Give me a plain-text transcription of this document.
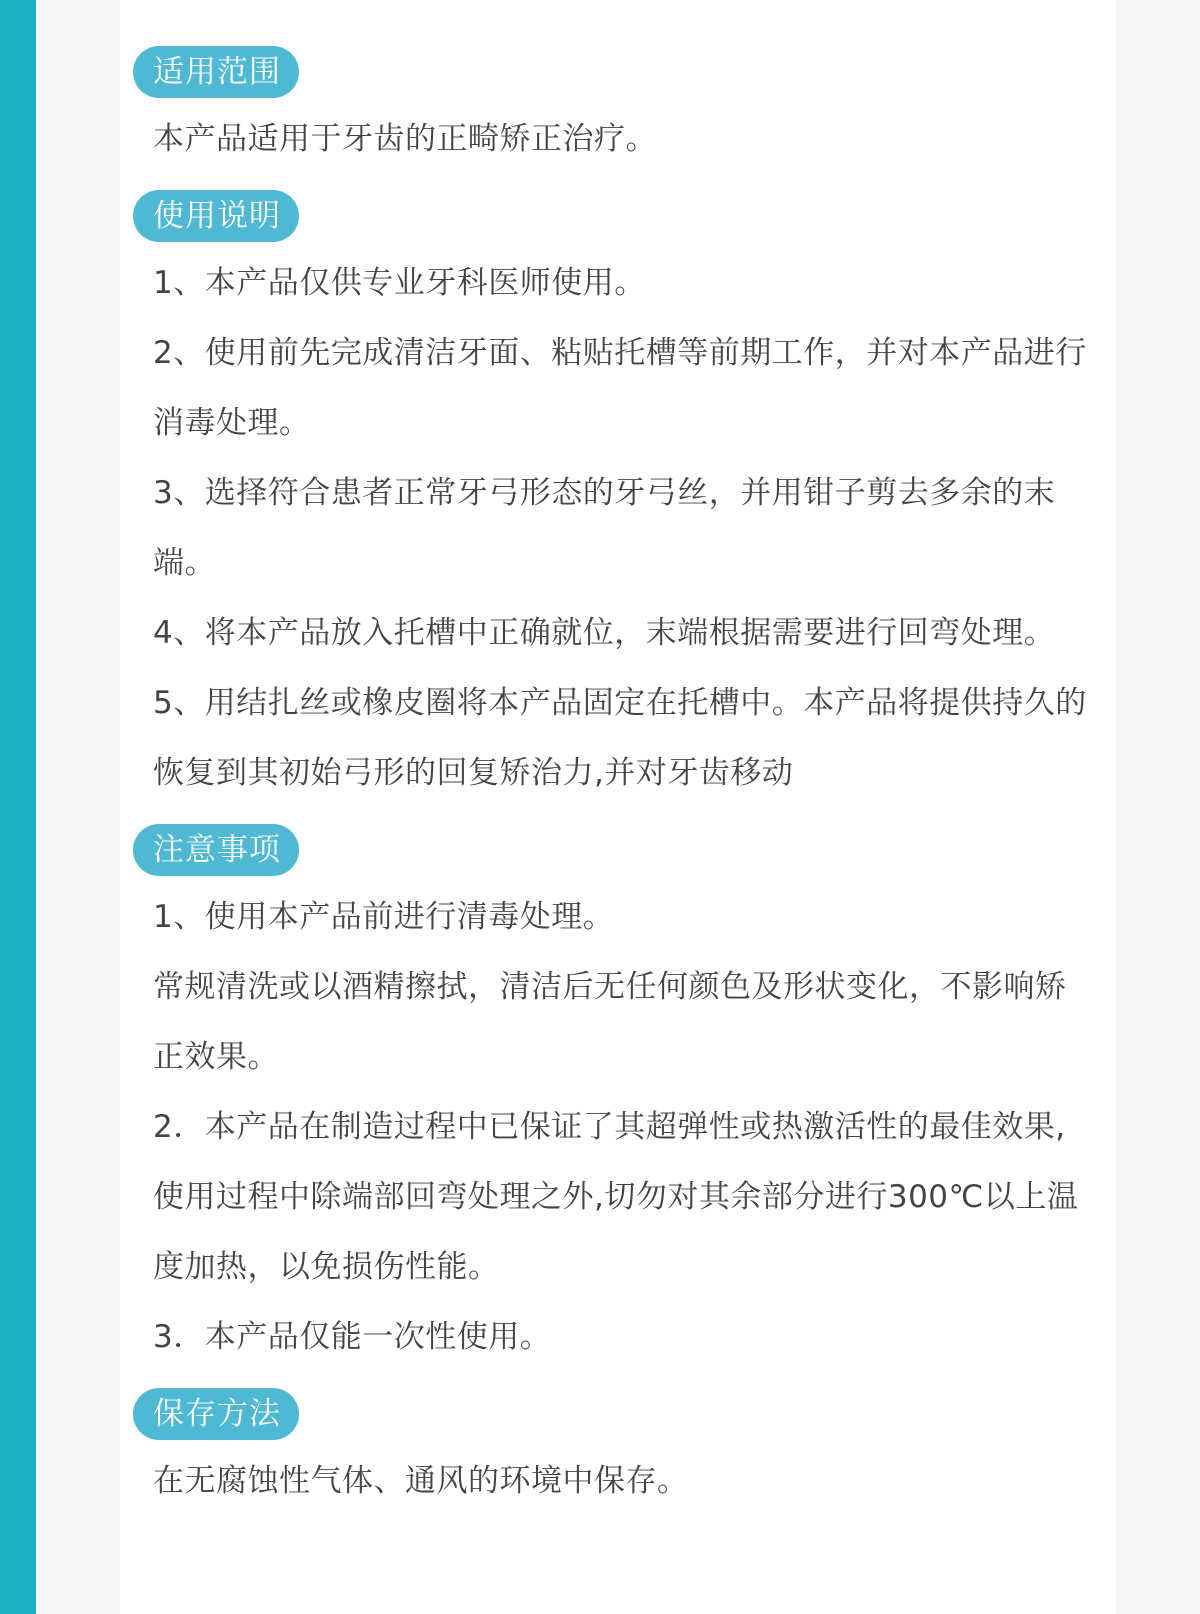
适用范围

本产品适用于牙齿的正畸矫正治疗。

使用说明

1、本产品仅供专业牙科医师使用。

2、使用前先完成清洁牙面、粘贴托槽等前期工作，并对本产品进行消毒处理。

3、选择符合患者正常牙弓形态的牙弓丝，并用钳子剪去多余的末端。

4、将本产品放入托槽中正确就位，末端根据需要进行回弯处理。

5、用结扎丝或橡皮圈将本产品固定在托槽中。本产品将提供持久的恢复到其初始弓形的回复矫治力,并对牙齿移动

注意事项

1、使用本产品前进行清毒处理。

常规清洗或以酒精擦拭，清洁后无任何颜色及形状变化，不影响矫正效果。

2．本产品在制造过程中已保证了其超弹性或热激活性的最佳效果,使用过程中除端部回弯处理之外,切勿对其余部分进行300℃以上温度加热，以免损伤性能。

3．本产品仅能一次性使用。

保存方法

在无腐蚀性气体、通风的环境中保存。
